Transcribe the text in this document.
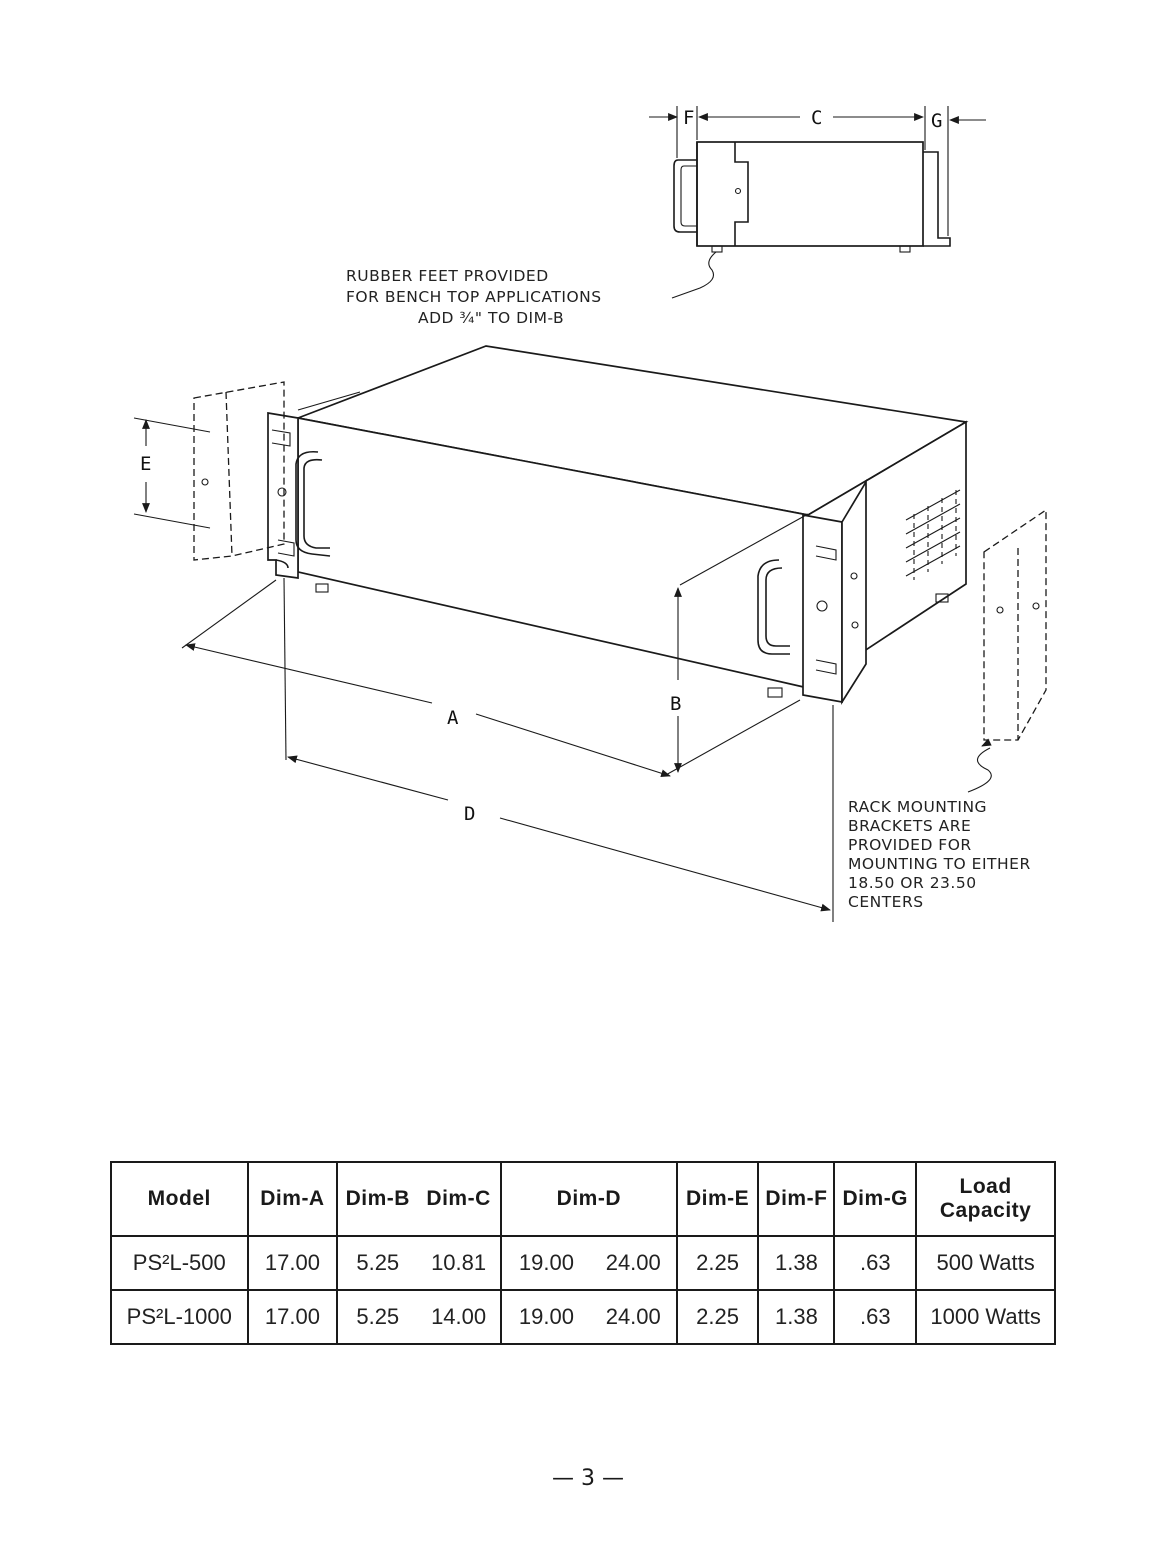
F	C	G
RUBBER FEET PROVIDED
FOR BENCH TOP APPLICATIONS
ADD ¾" TO DIM-B
E
A
B
D	RACK MOUNTING
BRACKETS ARE
PROVIDED FOR
MOUNTING TO EITHER
18.50 OR 23.50
CENTERS
Model	Dim-A	Dim-B	Dim-C	Dim-D		Dim-E	Dim-F	Dim-G	Load
Capacity
PS²L-500	17.00	5.25	10.81	19.00	24.00	2.25	1.38	.63	500 Watts
PS²L-1000	17.00	5.25	14.00	19.00	24.00	2.25	1.38	.63	1000 Watts
— 3 —
